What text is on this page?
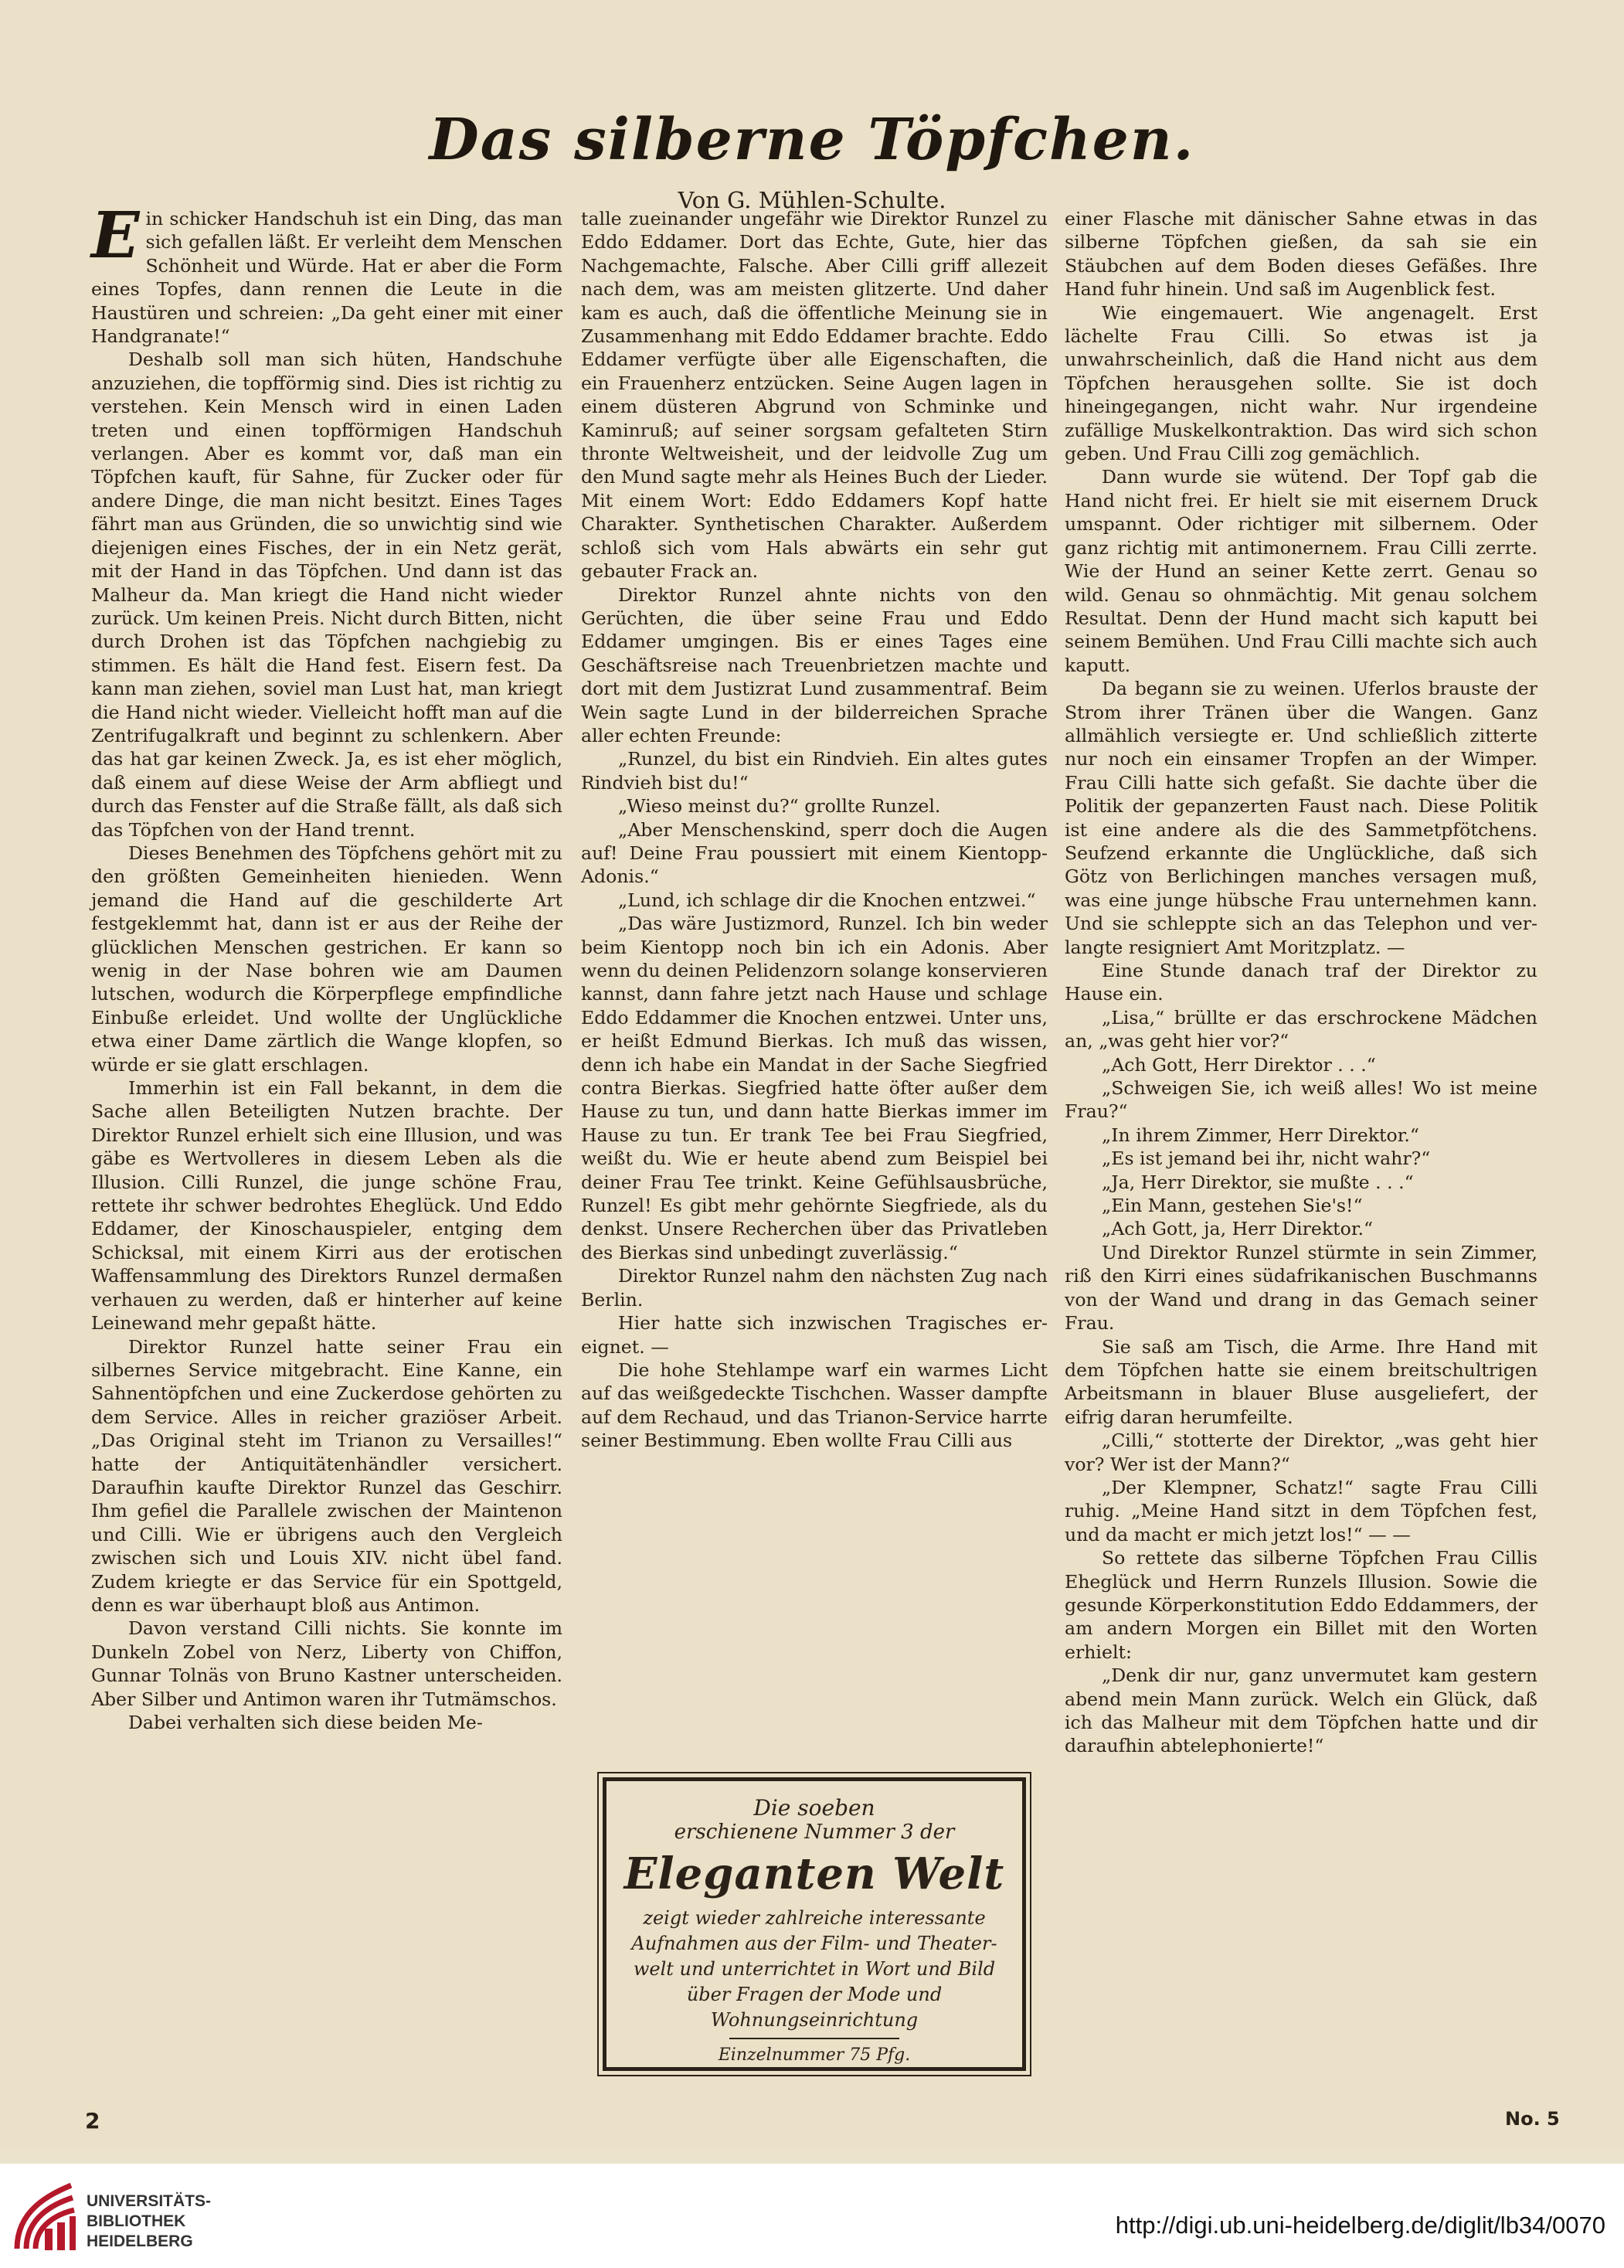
Das silberne Töpfchen.
Von G. Mühlen-Schulte.

Ein schicker Handschuh ist ein Ding, das man sich gefallen läßt. Er verleiht dem Menschen Schönheit und Würde. Hat er aber die Form eines Topfes, dann rennen die Leute in die Haustüren und schreien: „Da geht einer mit einer Handgranate!“

Deshalb soll man sich hüten, Handschuhe anzuziehen, die topfförmig sind. Dies ist richtig zu verstehen. Kein Mensch wird in einen Laden treten und einen topfförmigen Handschuh verlangen. Aber es kommt vor, daß man ein Töpfchen kauft, für Sahne, für Zucker oder für andere Dinge, die man nicht besitzt. Eines Tages fährt man aus Gründen, die so unwichtig sind wie diejenigen eines Fisches, der in ein Netz gerät, mit der Hand in das Töpfchen. Und dann ist das Malheur da. Man kriegt die Hand nicht wieder zurück. Um keinen Preis. Nicht durch Bitten, nicht durch Drohen ist das Töpfchen nachgiebig zu stimmen. Es hält die Hand fest. Eisern fest. Da kann man ziehen, soviel man Lust hat, man kriegt die Hand nicht wieder. Vielleicht hofft man auf die Zentrifugalkraft und beginnt zu schlenkern. Aber das hat gar keinen Zweck. Ja, es ist eher möglich, daß einem auf diese Weise der Arm abfliegt und durch das Fenster auf die Straße fällt, als daß sich das Töpfchen von der Hand trennt.

Dieses Benehmen des Töpfchens gehört mit zu den größten Gemeinheiten hienieden. Wenn jemand die Hand auf die geschilderte Art festgeklemmt hat, dann ist er aus der Reihe der glücklichen Menschen gestrichen. Er kann so wenig in der Nase bohren wie am Daumen lutschen, wodurch die Körperpflege empfindliche Einbuße erleidet. Und wollte der Unglückliche etwa einer Dame zärtlich die Wange klopfen, so würde er sie glatt erschlagen.

Immerhin ist ein Fall bekannt, in dem die Sache allen Beteiligten Nutzen brachte. Der Direktor Runzel erhielt sich eine Illusion, und was gäbe es Wertvolleres in diesem Leben als die Illusion. Cilli Runzel, die junge schöne Frau, rettete ihr schwer bedrohtes Eheglück. Und Eddo Eddamer, der Kinoschauspieler, entging dem Schicksal, mit einem Kirri aus der erotischen Waffensammlung des Direktors Runzel dermaßen verhauen zu werden, daß er hinterher auf keine Leinewand mehr gepaßt hätte.

Direktor Runzel hatte seiner Frau ein silbernes Service mitgebracht. Eine Kanne, ein Sahnentöpfchen und eine Zuckerdose gehörten zu dem Service. Alles in reicher graziöser Arbeit. „Das Original steht im Trianon zu Versailles!“ hatte der Antiquitätenhändler versichert. Daraufhin kaufte Direktor Runzel das Geschirr. Ihm gefiel die Parallele zwischen der Maintenon und Cilli. Wie er übrigens auch den Vergleich zwischen sich und Louis XIV. nicht übel fand. Zudem kriegte er das Service für ein Spottgeld, denn es war überhaupt bloß aus Antimon.

Davon verstand Cilli nichts. Sie konnte im Dunkeln Zobel von Nerz, Liberty von Chiffon, Gunnar Tolnäs von Bruno Kastner unterscheiden. Aber Silber und Antimon waren ihr Tutmämschos.

Dabei verhalten sich diese beiden Me-

talle zueinander ungefähr wie Direktor Runzel zu Eddo Eddamer. Dort das Echte, Gute, hier das Nachgemachte, Falsche. Aber Cilli griff allezeit nach dem, was am meisten glitzerte. Und daher kam es auch, daß die öffentliche Meinung sie in Zusammenhang mit Eddo Eddamer brachte. Eddo Eddamer verfügte über alle Eigenschaften, die ein Frauenherz entzücken. Seine Augen lagen in einem düsteren Abgrund von Schminke und Kaminruß; auf seiner sorgsam gefalteten Stirn thronte Weltweisheit, und der leidvolle Zug um den Mund sagte mehr als Heines Buch der Lieder. Mit einem Wort: Eddo Eddamers Kopf hatte Charakter. Synthetischen Charakter. Außerdem schloß sich vom Hals abwärts ein sehr gut gebauter Frack an.

Direktor Runzel ahnte nichts von den Gerüchten, die über seine Frau und Eddo Eddamer umgingen. Bis er eines Tages eine Geschäftsreise nach Treuenbrietzen machte und dort mit dem Justizrat Lund zusammentraf. Beim Wein sagte Lund in der bilderreichen Sprache aller echten Freunde:

„Runzel, du bist ein Rindvieh. Ein altes gutes Rindvieh bist du!“

„Wieso meinst du?“ grollte Runzel.

„Aber Menschenskind, sperr doch die Augen auf! Deine Frau poussiert mit einem Kientopp-Adonis.“

„Lund, ich schlage dir die Knochen entzwei.“

„Das wäre Justizmord, Runzel. Ich bin weder beim Kientopp noch bin ich ein Adonis. Aber wenn du deinen Pelidenzorn solange konservieren kannst, dann fahre jetzt nach Hause und schlage Eddo Eddammer die Knochen entzwei. Unter uns, er heißt Edmund Bierkas. Ich muß das wissen, denn ich habe ein Mandat in der Sache Siegfried contra Bierkas. Siegfried hatte öfter außer dem Hause zu tun, und dann hatte Bierkas immer im Hause zu tun. Er trank Tee bei Frau Siegfried, weißt du. Wie er heute abend zum Beispiel bei deiner Frau Tee trinkt. Keine Gefühlsausbrüche, Runzel! Es gibt mehr gehörnte Siegfriede, als du denkst. Unsere Recherchen über das Privatleben des Bierkas sind unbedingt zuverlässig.“

Direktor Runzel nahm den nächsten Zug nach Berlin.

Hier hatte sich inzwischen Tragisches ereignet. —

Die hohe Stehlampe warf ein warmes Licht auf das weißgedeckte Tischchen. Wasser dampfte auf dem Rechaud, und das Trianon-Service harrte seiner Bestimmung. Eben wollte Frau Cilli aus

Die soeben
erschienene Nummer 3 der
Eleganten Welt
zeigt wieder zahlreiche interessante
Aufnahmen aus der Film- und Theater-
welt und unterrichtet in Wort und Bild
über Fragen der Mode und
Wohnungseinrichtung
Einzelnummer 75 Pfg.

einer Flasche mit dänischer Sahne etwas in das silberne Töpfchen gießen, da sah sie ein Stäubchen auf dem Boden dieses Gefäßes. Ihre Hand fuhr hinein. Und saß im Augenblick fest.

Wie eingemauert. Wie angenagelt. Erst lächelte Frau Cilli. So etwas ist ja unwahrscheinlich, daß die Hand nicht aus dem Töpfchen herausgehen sollte. Sie ist doch hineingegangen, nicht wahr. Nur irgendeine zufällige Muskelkontraktion. Das wird sich schon geben. Und Frau Cilli zog gemächlich.

Dann wurde sie wütend. Der Topf gab die Hand nicht frei. Er hielt sie mit eisernem Druck umspannt. Oder richtiger mit silbernem. Oder ganz richtig mit antimonernem. Frau Cilli zerrte. Wie der Hund an seiner Kette zerrt. Genau so wild. Genau so ohnmächtig. Mit genau solchem Resultat. Denn der Hund macht sich kaputt bei seinem Bemühen. Und Frau Cilli machte sich auch kaputt.

Da begann sie zu weinen. Uferlos brauste der Strom ihrer Tränen über die Wangen. Ganz allmählich versiegte er. Und schließlich zitterte nur noch ein einsamer Tropfen an der Wimper. Frau Cilli hatte sich gefaßt. Sie dachte über die Politik der gepanzerten Faust nach. Diese Politik ist eine andere als die des Sammetpfötchens. Seufzend erkannte die Unglückliche, daß sich Götz von Berlichingen manches versagen muß, was eine junge hübsche Frau unternehmen kann. Und sie schleppte sich an das Telephon und verlangte resigniert Amt Moritzplatz. —

Eine Stunde danach traf der Direktor zu Hause ein.

„Lisa,“ brüllte er das erschrockene Mädchen an, „was geht hier vor?“

„Ach Gott, Herr Direktor . . .“

„Schweigen Sie, ich weiß alles! Wo ist meine Frau?“

„In ihrem Zimmer, Herr Direktor.“

„Es ist jemand bei ihr, nicht wahr?“

„Ja, Herr Direktor, sie mußte . . .“

„Ein Mann, gestehen Sie's!“

„Ach Gott, ja, Herr Direktor.“

Und Direktor Runzel stürmte in sein Zimmer, riß den Kirri eines südafrikanischen Buschmanns von der Wand und drang in das Gemach seiner Frau.

Sie saß am Tisch, die Arme. Ihre Hand mit dem Töpfchen hatte sie einem breitschultrigen Arbeitsmann in blauer Bluse ausgeliefert, der eifrig daran herumfeilte.

„Cilli,“ stotterte der Direktor, „was geht hier vor? Wer ist der Mann?“

„Der Klempner, Schatz!“ sagte Frau Cilli ruhig. „Meine Hand sitzt in dem Töpfchen fest, und da macht er mich jetzt los!“ — —

So rettete das silberne Töpfchen Frau Cillis Eheglück und Herrn Runzels Illusion. Sowie die gesunde Körperkonstitution Eddo Eddammers, der am andern Morgen ein Billet mit den Worten erhielt:

„Denk dir nur, ganz unvermutet kam gestern abend mein Mann zurück. Welch ein Glück, daß ich das Malheur mit dem Töpfchen hatte und dir daraufhin abtelephonierte!“

2	No. 5
UNIVERSITÄTS-
BIBLIOTHEK
HEIDELBERG
http://digi.ub.uni-heidelberg.de/diglit/lb34/0070
